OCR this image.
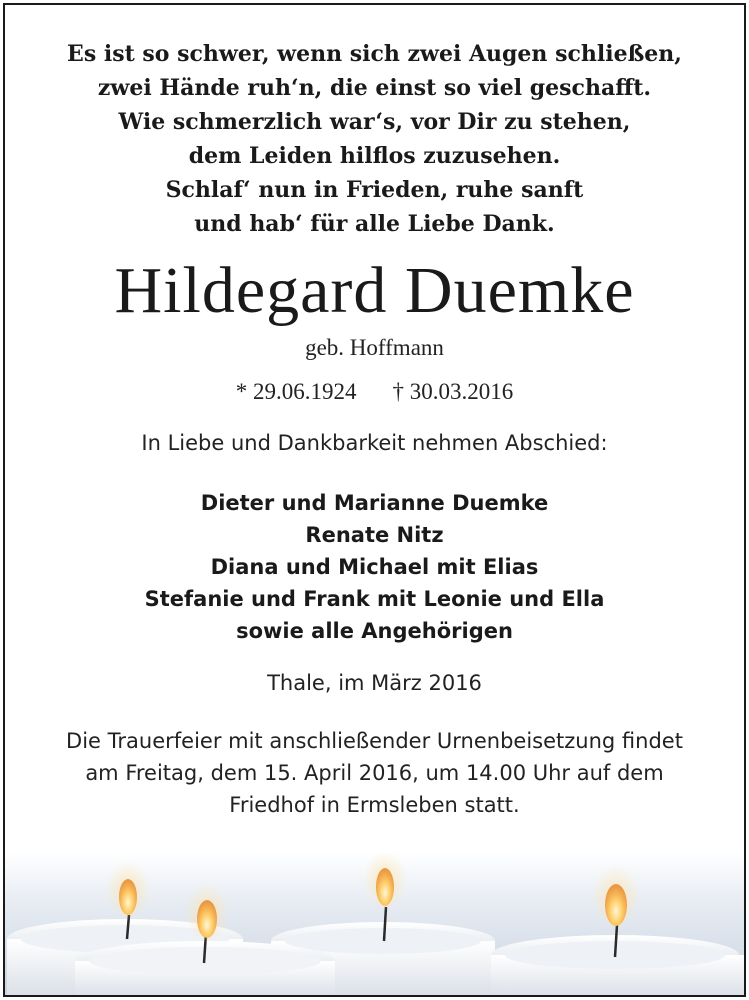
Es ist so schwer, wenn sich zwei Augen schließen,
zwei Hände ruh‘n, die einst so viel geschafft.
Wie schmerzlich war‘s, vor Dir zu stehen,
dem Leiden hilflos zuzusehen.
Schlaf‘ nun in Frieden, ruhe sanft
und hab‘ für alle Liebe Dank.
Hildegard Duemke
geb. Hoffmann
* 29.06.1924 † 30.03.2016
In Liebe und Dankbarkeit nehmen Abschied:
Dieter und Marianne Duemke
Renate Nitz
Diana und Michael mit Elias
Stefanie und Frank mit Leonie und Ella
sowie alle Angehörigen
Thale, im März 2016
Die Trauerfeier mit anschließender Urnenbeisetzung findet
am Freitag, dem 15. April 2016, um 14.00 Uhr auf dem
Friedhof in Ermsleben statt.
